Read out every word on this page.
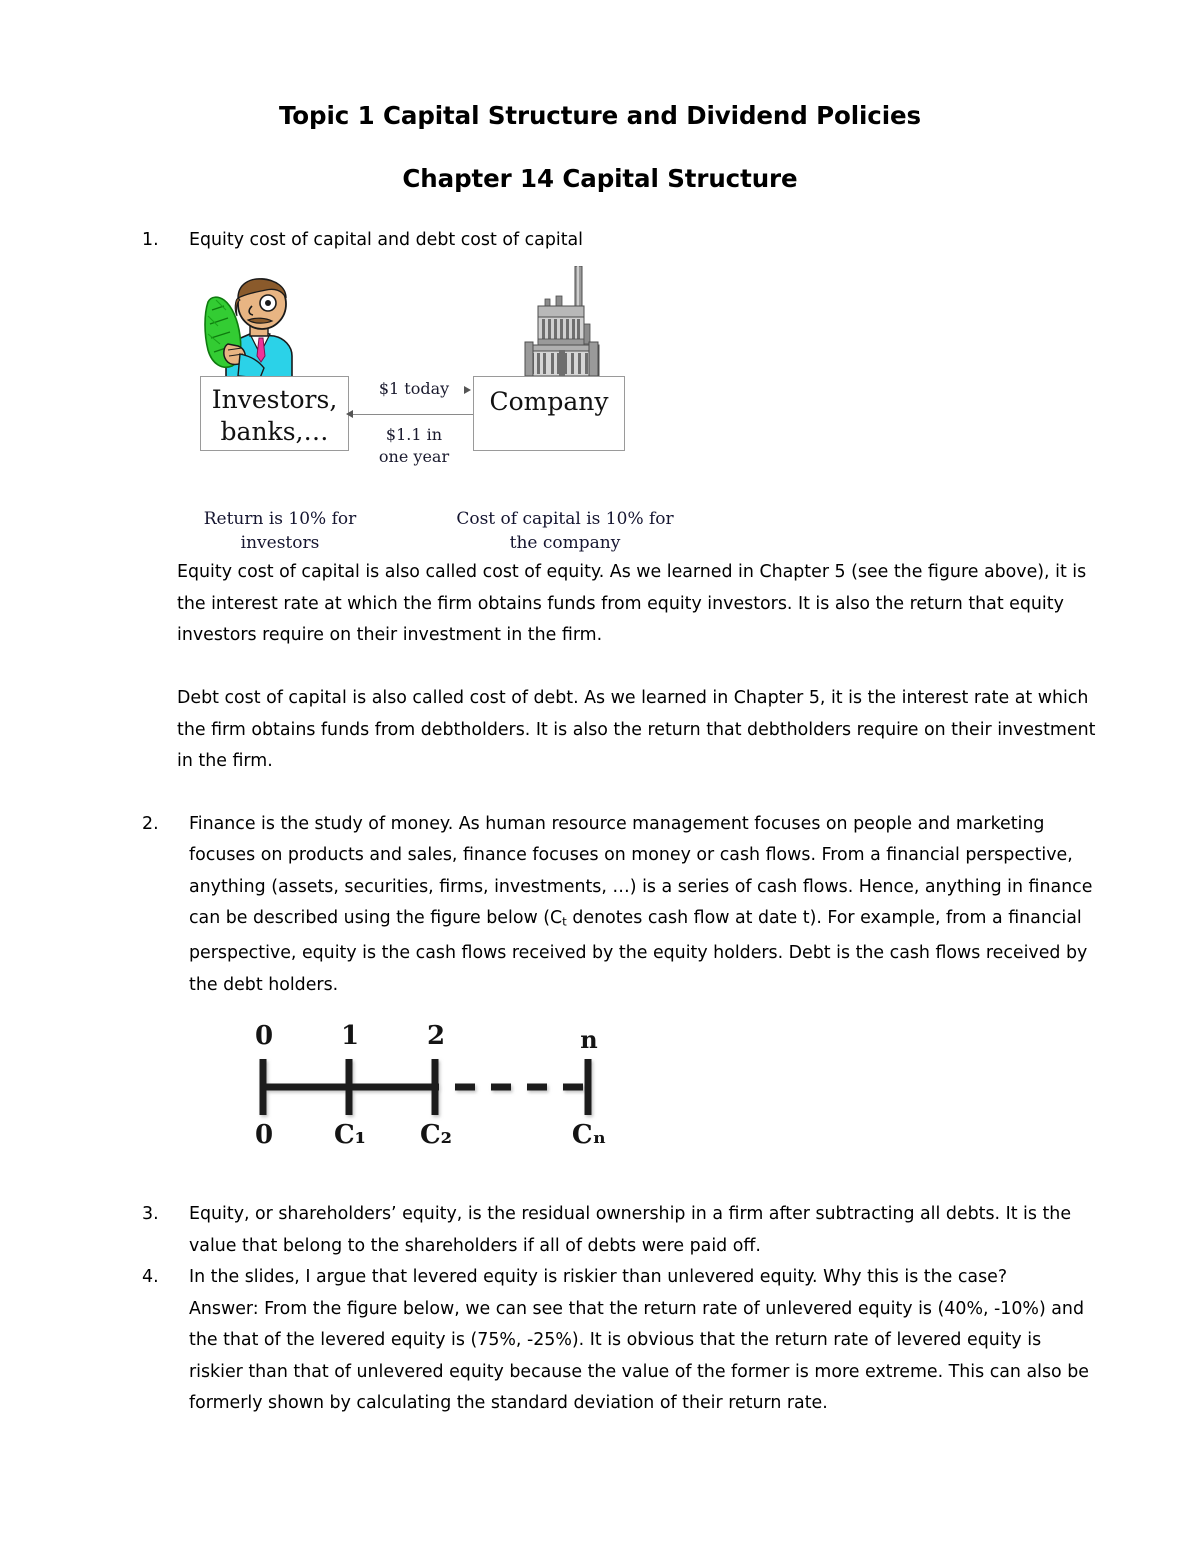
Topic 1 Capital Structure and Dividend Policies
Chapter 14 Capital Structure
1. Equity cost of capital and debt cost of capital

Investors,
banks,…
Company
$1 today
$1.1 in
one year
Return is 10% for
investors
Cost of capital is 10% for
the company

Equity cost of capital is also called cost of equity. As we learned in Chapter 5 (see the figure above), it is the interest rate at which the firm obtains funds from equity investors. It is also the return that equity investors require on their investment in the firm.

Debt cost of capital is also called cost of debt. As we learned in Chapter 5, it is the interest rate at which the firm obtains funds from debtholders. It is also the return that debtholders require on their investment in the firm.

2. Finance is the study of money. As human resource management focuses on people and marketing focuses on products and sales, finance focuses on money or cash flows. From a financial perspective, anything (assets, securities, firms, investments, …) is a series of cash flows. Hence, anything in finance can be described using the figure below ($C_t$ denotes cash flow at date t). For example, from a financial perspective, equity is the cash flows received by the equity holders. Debt is the cash flows received by the debt holders.

0	1	2	n
0 C₁ C₂	Cₙ
3. Equity, or shareholders’ equity, is the residual ownership in a firm after subtracting all debts. It is the value that belong to the shareholders if all of debts were paid off.

4. In the slides, I argue that levered equity is riskier than unlevered equity. Why this is the case?

Answer: From the figure below, we can see that the return rate of unlevered equity is (40%, -10%) and the that of the levered equity is (75%, -25%). It is obvious that the return rate of levered equity is riskier than that of unlevered equity because the value of the former is more extreme. This can also be formerly shown by calculating the standard deviation of their return rate.
